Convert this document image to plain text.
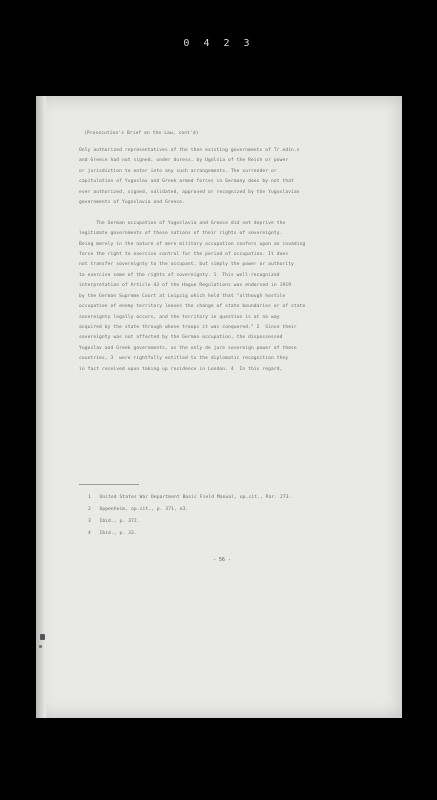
0 4 2 3
(Prosecution's Brief on the Law, cont'd)
Only authorized representatives of the then existing governments of Tr.edin.s
and Greece had not signed, under duress, by Ugolsia of the Reich or power
or jurisdiction to enter into any such arrangements. The surrender or
capitulation of Yugoslav and Greek armed forces in Germany does by not that
ever authorized, signed, validated, approved or recognized by the Yugoslavian
governments of Yugoslavia and Greece.

The German occupation of Yugoslavia and Greece did not deprive the
legitimate governments of these nations of their rights of sovereignty.
Being merely in the nature of mere military occupation confers upon an invading
force the right to exercise control for the period of occupation. It does
not transfer sovereignty to the occupant, but simply the power or authority
to exercise some of the rights of sovereignty. 1  This well-recognized
interpretation of Article 43 of the Hague Regulations was endorsed in 1919
by the German Supreme Court at Leipzig which held that "although hostile
occupation of enemy territory leaves the change of state boundaries or of state
sovereignty legally occurs, and the territory in question is at no way
acquired by the state through whose troops it was conquered." 2  Since their
sovereignty was not affected by the German occupation, the dispossessed
Yugoslav and Greek governments, as the only de jure sovereign power of these
countries, 3  were rightfully entitled to the diplomatic recognition they
in fact received upon taking up residence in London. 4  In this regard,
1   United States War Department Basic Field Manual, op.cit., Par. 273.
2   Oppenheim, op.cit., p. 371, n3.
3   Ibid., p. 372.
4   Ibid., p. 33.
- 56 -
